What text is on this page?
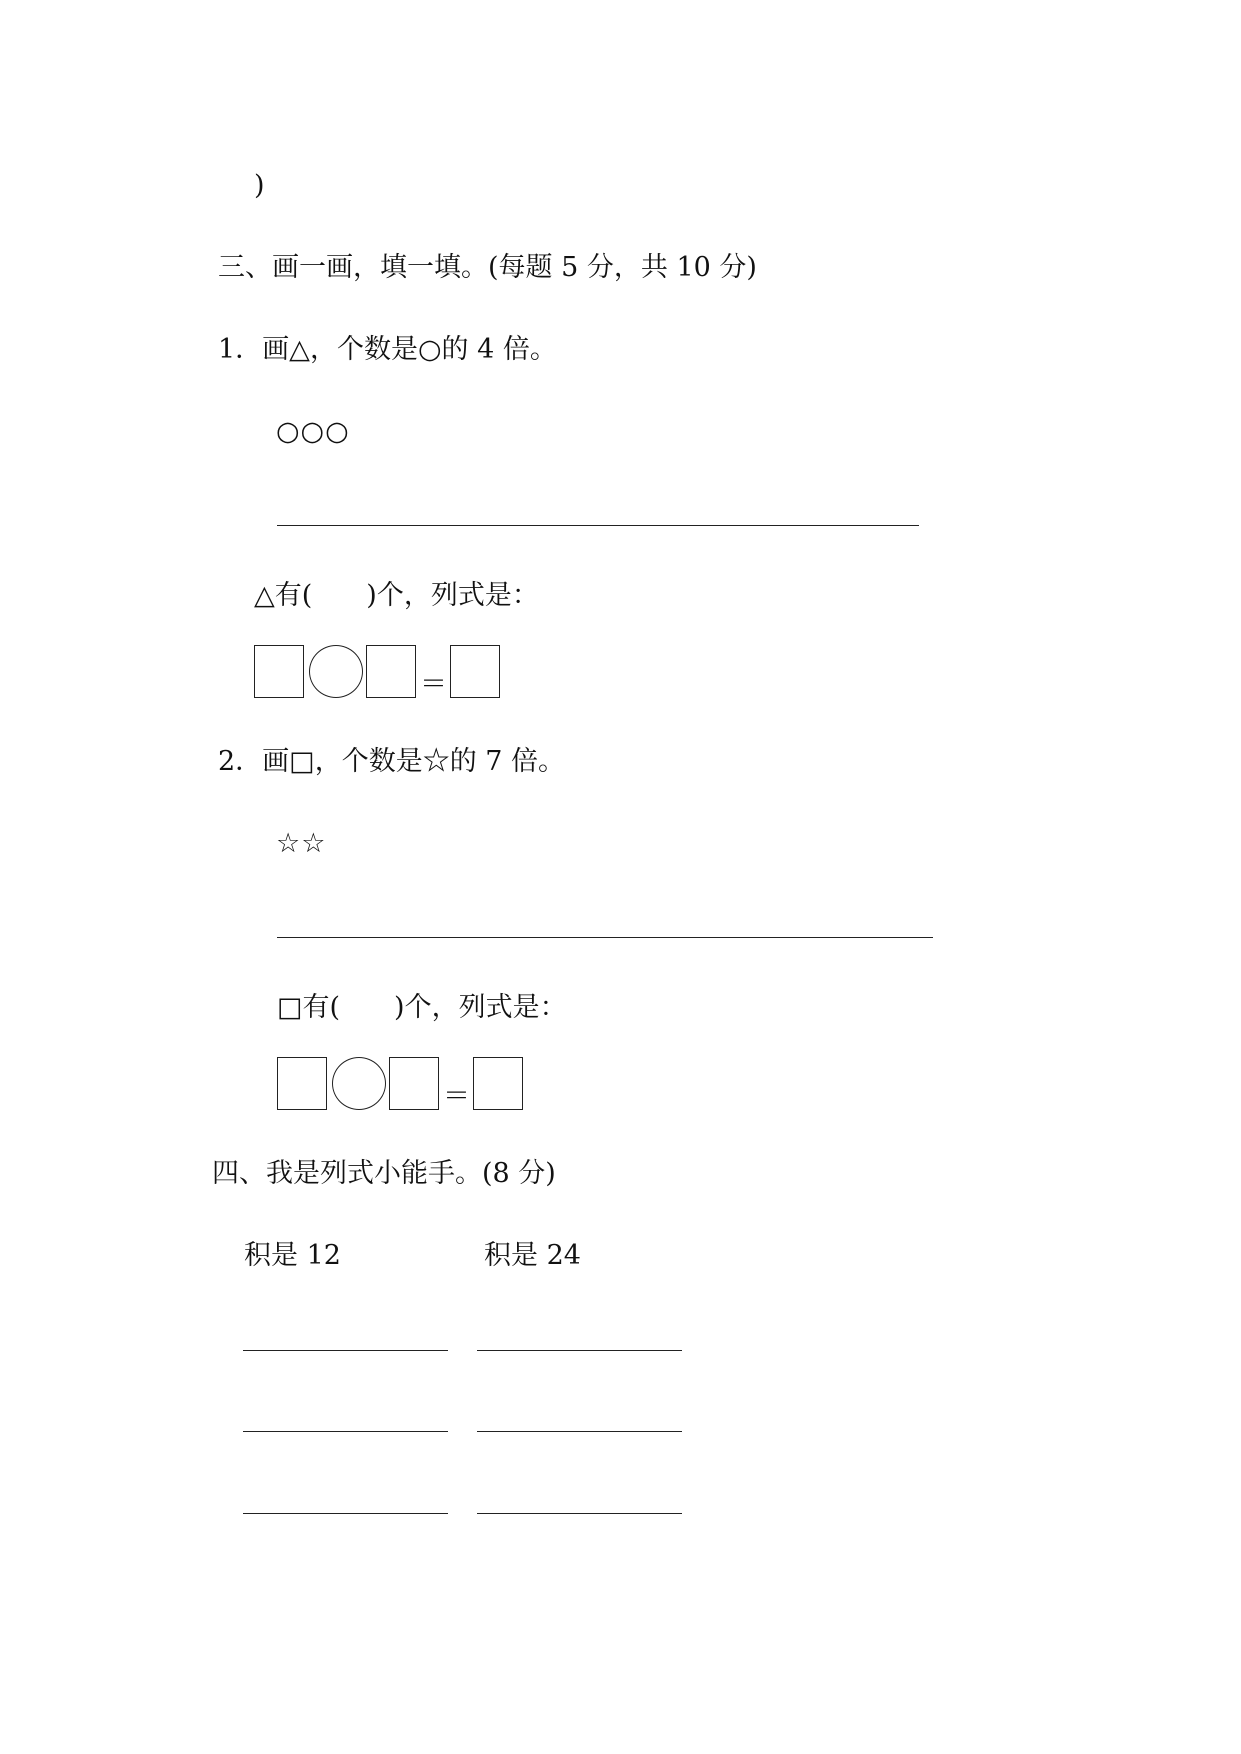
)
三、画一画，填一填。(每题 5 分，共 10 分)
1．画△，个数是○的 4 倍。
○○○
△有(　　)个，列式是：
＝
2．画□，个数是☆的 7 倍。
☆☆
□有(　　)个，列式是：
＝
四、我是列式小能手。(8 分)
积是 12	积是 24
